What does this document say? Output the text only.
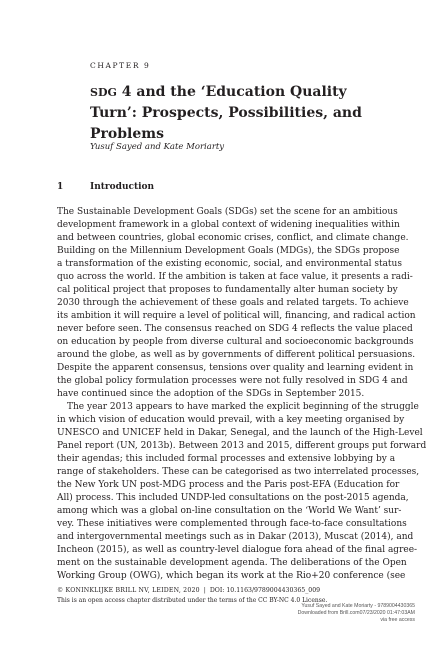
CHAPTER 9
sdg 4 and the ‘Education Quality Turn’: Prospects, Possibilities, and Problems
Yusuf Sayed and Kate Moriarty
1	Introduction
The Sustainable Development Goals (SDGs) set the scene for an ambitious
development framework in a global context of widening inequalities within
and between countries, global economic crises, conflict, and climate change.
Building on the Millennium Development Goals (MDGs), the SDGs propose
a transformation of the existing economic, social, and environmental status
quo across the world. If the ambition is taken at face value, it presents a radi-
cal political project that proposes to fundamentally alter human society by
2030 through the achievement of these goals and related targets. To achieve
its ambition it will require a level of political will, financing, and radical action
never before seen. The consensus reached on SDG 4 reflects the value placed
on education by people from diverse cultural and socioeconomic backgrounds
around the globe, as well as by governments of different political persuasions.
Despite the apparent consensus, tensions over quality and learning evident in
the global policy formulation processes were not fully resolved in SDG 4 and
have continued since the adoption of the SDGs in September 2015.
The year 2013 appears to have marked the explicit beginning of the struggle
in which vision of education would prevail, with a key meeting organised by
UNESCO and UNICEF held in Dakar, Senegal, and the launch of the High-Level
Panel report (UN, 2013b). Between 2013 and 2015, different groups put forward
their agendas; this included formal processes and extensive lobbying by a
range of stakeholders. These can be categorised as two interrelated processes,
the New York UN post-MDG process and the Paris post-EFA (Education for
All) process. This included UNDP-led consultations on the post-2015 agenda,
among which was a global on-line consultation on the ‘World We Want’ sur-
vey. These initiatives were complemented through face-to-face consultations
and intergovernmental meetings such as in Dakar (2013), Muscat (2014), and
Incheon (2015), as well as country-level dialogue fora ahead of the final agree-
ment on the sustainable development agenda. The deliberations of the Open
Working Group (OWG), which began its work at the Rio+20 conference (see
© KONINKLIJKE BRILL NV, LEIDEN, 2020 | DOI: 10.1163/9789004430365_009
This is an open access chapter distributed under the terms of the CC BY-NC 4.0 License.
Yusuf Sayed and Kate Moriarty - 9789004430365
Downloaded from Brill.com07/23/2020 01:47:03AM
via free access
